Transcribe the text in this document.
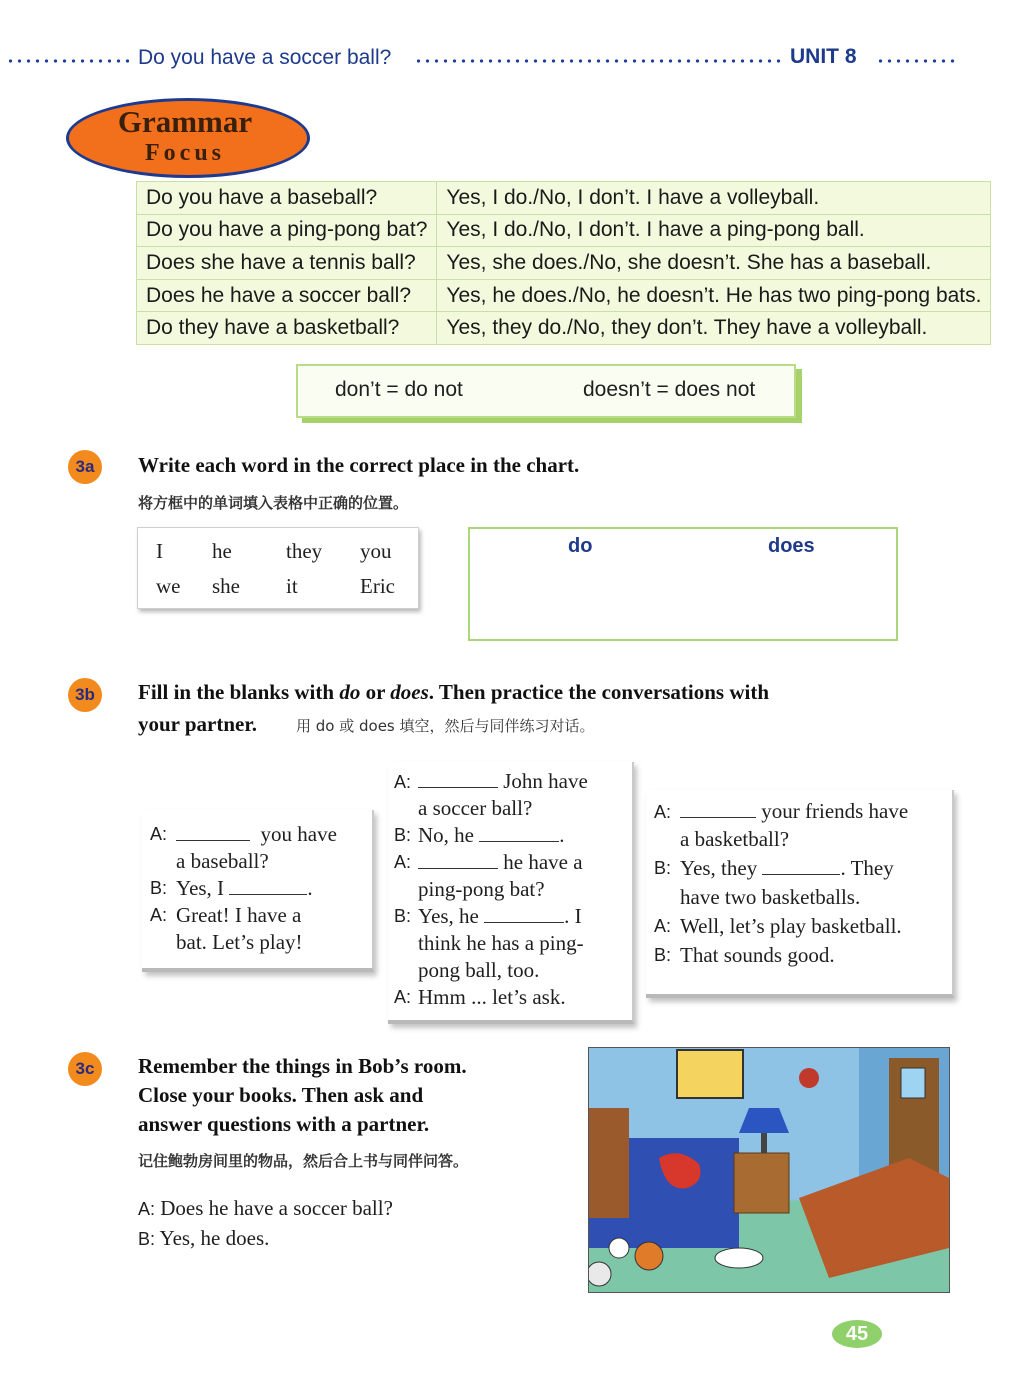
Do you have a soccer ball?	UNIT 8
Grammar
Focus
Do you have a baseball?	Yes, I do./No, I don’t. I have a volleyball.
Do you have a ping-pong bat?	Yes, I do./No, I don’t. I have a ping-pong ball.
Does she have a tennis ball?	Yes, she does./No, she doesn’t. She has a baseball.
Does he have a soccer ball?	Yes, he does./No, he doesn’t. He has two ping-pong bats.
Do they have a basketball?	Yes, they do./No, they don’t. They have a volleyball.
don’t = do not	doesn’t = does not
3a	Write each word in the correct place in the chart.
将方框中的单词填入表格中正确的位置。
I he	they you
we she it	Eric
do	does
3b	Fill in the blanks with do or does. Then practice the conversations with
your partner.	用 do 或 does 填空，然后与同伴练习对话。
A:	you have
a baseball?
B: Yes, I	.
A: Great! I have a
bat. Let’s play!
A:	John have
a soccer ball?
B: No, he	.
A:	he have a
ping-pong bat?
B: Yes, he	. I
think he has a ping-
pong ball, too.
A: Hmm ... let’s ask.
A:	your friends have
a basketball?
B: Yes, they	. They
have two basketballs.
A: Well, let’s play basketball.
B: That sounds good.
3c	Remember the things in Bob’s room.
Close your books. Then ask and
answer questions with a partner.
记住鲍勃房间里的物品，然后合上书与同伴问答。
A: Does he have a soccer ball?
B: Yes, he does.
45
